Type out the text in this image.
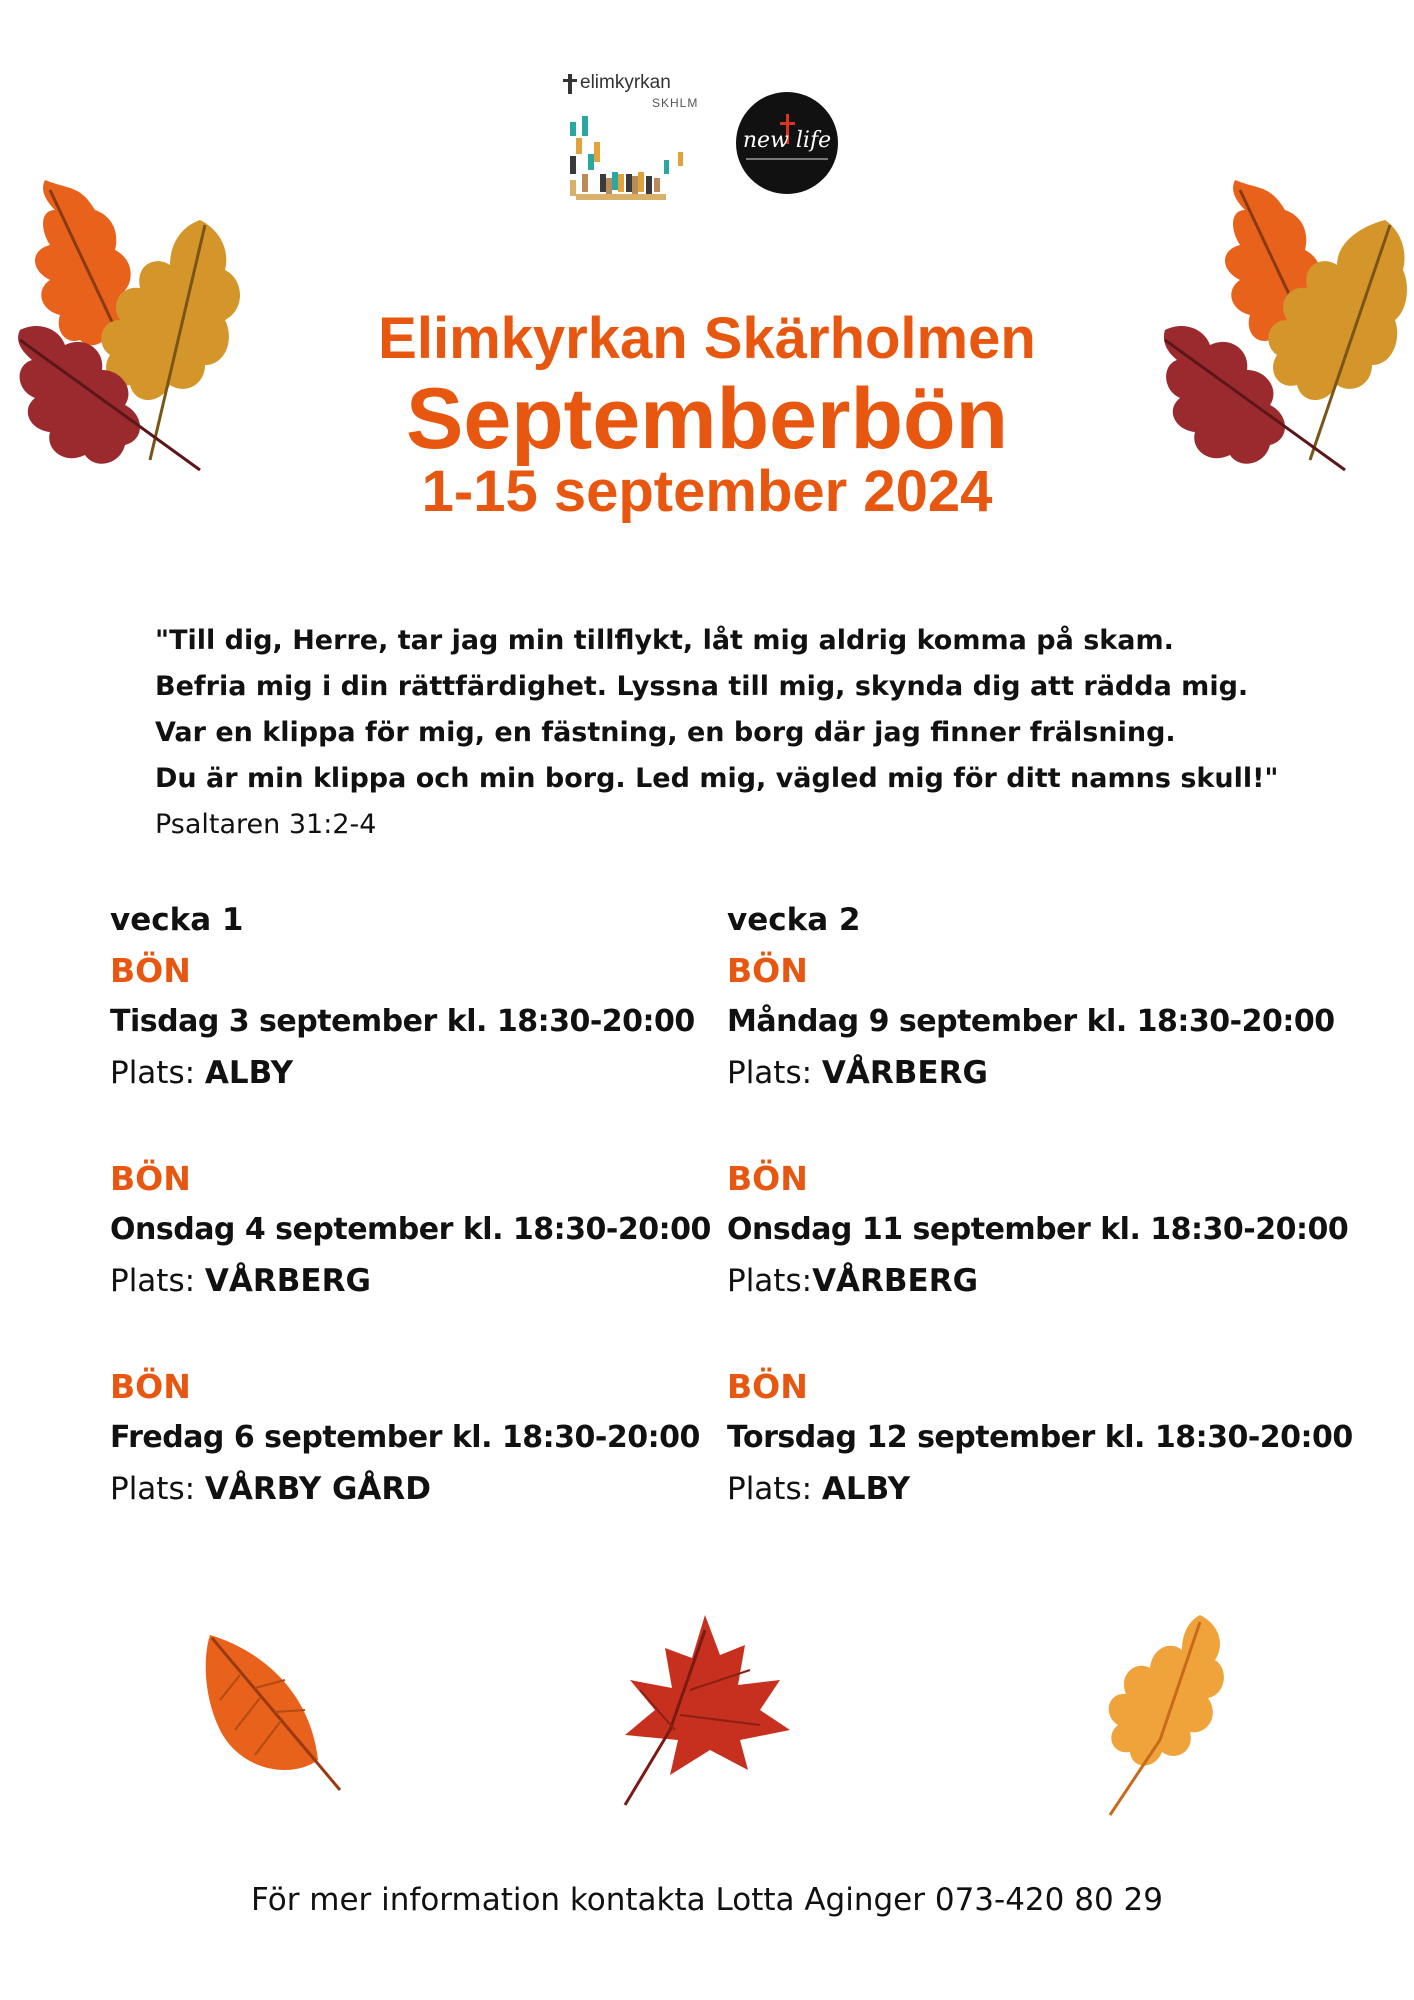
elimkyrkan
SKHLM
new life
Elimkyrkan Skärholmen
Septemberbön
1-15 september 2024
"Till dig, Herre, tar jag min tillflykt, låt mig aldrig komma på skam.
Befria mig i din rättfärdighet. Lyssna till mig, skynda dig att rädda mig.
Var en klippa för mig, en fästning, en borg där jag finner frälsning.
Du är min klippa och min borg. Led mig, vägled mig för ditt namns skull!"
Psaltaren 31:2-4
vecka 1
BÖN
Tisdag 3 september kl. 18:30-20:00
Plats: ALBY
BÖN
Onsdag 4 september kl. 18:30-20:00
Plats: VÅRBERG
BÖN
Fredag 6 september kl. 18:30-20:00
Plats: VÅRBY GÅRD
vecka 2
BÖN
Måndag 9 september kl. 18:30-20:00
Plats: VÅRBERG
BÖN
Onsdag 11 september kl. 18:30-20:00
Plats:VÅRBERG
BÖN
Torsdag 12 september kl. 18:30-20:00
Plats: ALBY
För mer information kontakta Lotta Aginger 073-420 80 29
